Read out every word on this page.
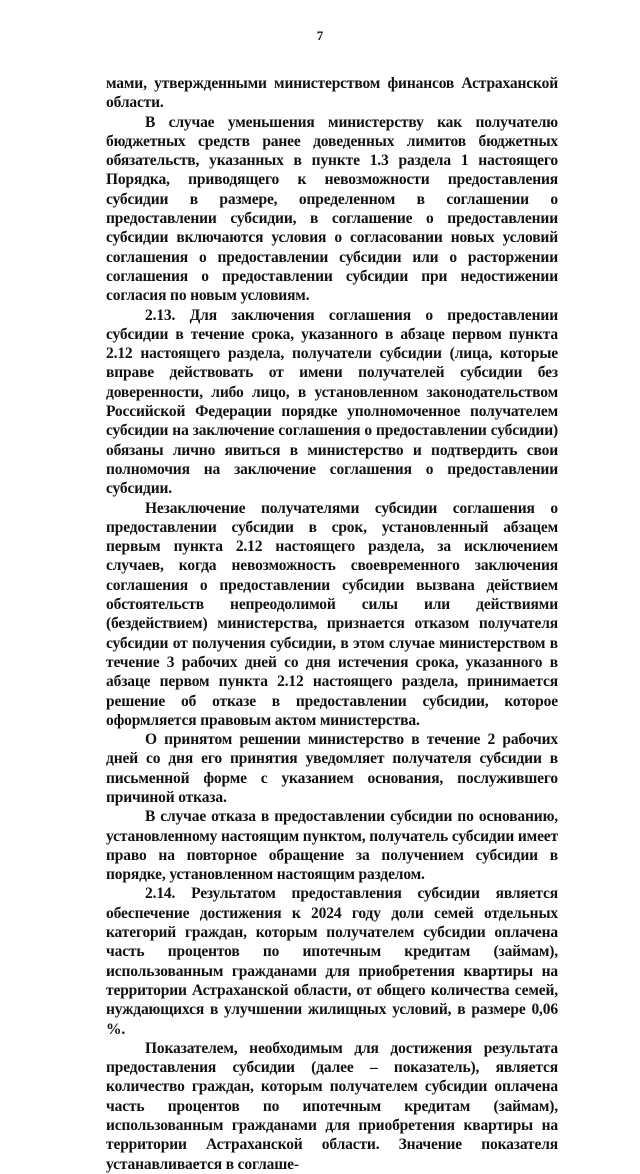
7

мами, утвержденными министерством финансов Астраханской области.

В случае уменьшения министерству как получателю бюджетных средств ранее доведенных лимитов бюджетных обязательств, указанных в пункте 1.3 раздела 1 настоящего Порядка, приводящего к невозможности предоставления субсидии в размере, определенном в соглашении о предоставлении субсидии, в соглашение о предоставлении субсидии включаются условия о согласовании новых условий соглашения о предоставлении субсидии или о расторжении соглашения о предоставлении субсидии при недостижении согласия по новым условиям.

2.13. Для заключения соглашения о предоставлении субсидии в течение срока, указанного в абзаце первом пункта 2.12 настоящего раздела, получатели субсидии (лица, которые вправе действовать от имени получателей субсидии без доверенности, либо лицо, в установленном законодательством Российской Федерации порядке уполномоченное получателем субсидии на заключение соглашения о предоставлении субсидии) обязаны лично явиться в министерство и подтвердить свои полномочия на заключение соглашения о предоставлении субсидии.

Незаключение получателями субсидии соглашения о предоставлении субсидии в срок, установленный абзацем первым пункта 2.12 настоящего раздела, за исключением случаев, когда невозможность своевременного заключения соглашения о предоставлении субсидии вызвана действием обстоятельств непреодолимой силы или действиями (бездействием) министерства, признается отказом получателя субсидии от получения субсидии, в этом случае министерством в течение 3 рабочих дней со дня истечения срока, указанного в абзаце первом пункта 2.12 настоящего раздела, принимается решение об отказе в предоставлении субсидии, которое оформляется правовым актом министерства.

О принятом решении министерство в течение 2 рабочих дней со дня его принятия уведомляет получателя субсидии в письменной форме с указанием основания, послужившего причиной отказа.

В случае отказа в предоставлении субсидии по основанию, установленному настоящим пунктом, получатель субсидии имеет право на повторное обращение за получением субсидии в порядке, установленном настоящим разделом.

2.14. Результатом предоставления субсидии является обеспечение достижения к 2024 году доли семей отдельных категорий граждан, которым получателем субсидии оплачена часть процентов по ипотечным кредитам (займам), использованным гражданами для приобретения квартиры на территории Астраханской области, от общего количества семей, нуждающихся в улучшении жилищных условий, в размере 0,06 %.

Показателем, необходимым для достижения результата предоставления субсидии (далее – показатель), является количество граждан, которым получателем субсидии оплачена часть процентов по ипотечным кредитам (займам), использованным гражданами для приобретения квартиры на территории Астраханской области. Значение показателя устанавливается в соглаше-
